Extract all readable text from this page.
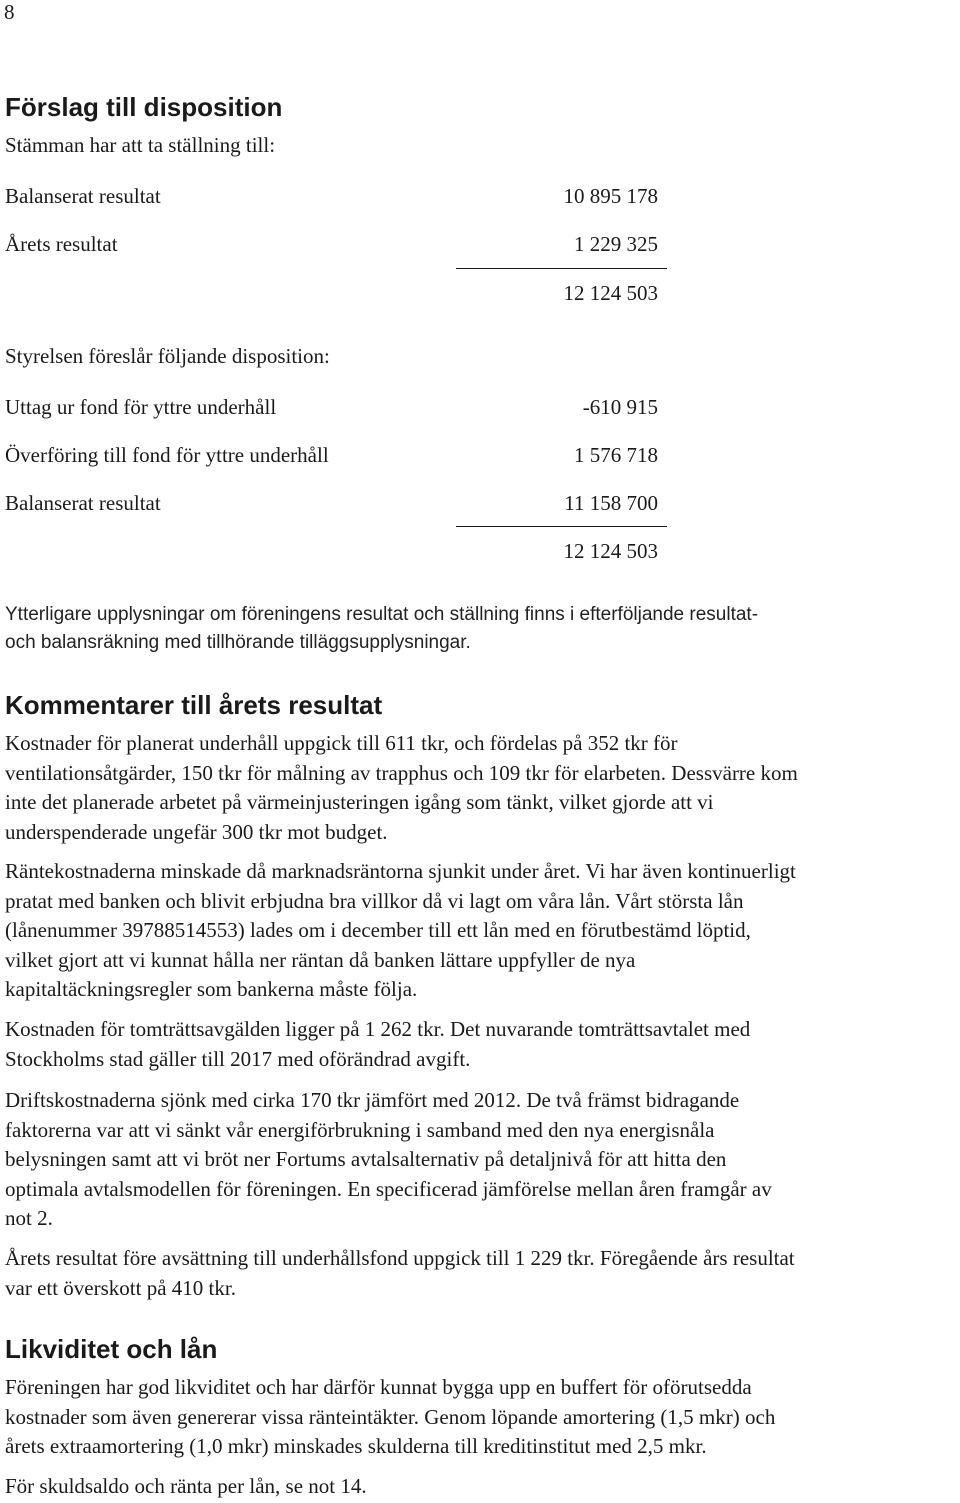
8
Förslag till disposition
Stämman har att ta ställning till:
Balanserat resultat	10 895 178
Årets resultat	1 229 325
12 124 503
Styrelsen föreslår följande disposition:
Uttag ur fond för yttre underhåll	-610 915
Överföring till fond för yttre underhåll	1 576 718
Balanserat resultat	11 158 700
12 124 503
Ytterligare upplysningar om föreningens resultat och ställning finns i efterföljande resultat-
och balansräkning med tillhörande tilläggsupplysningar.
Kommentarer till årets resultat
Kostnader för planerat underhåll uppgick till 611 tkr, och fördelas på 352 tkr för
ventilationsåtgärder, 150 tkr för målning av trapphus och 109 tkr för elarbeten. Dessvärre kom
inte det planerade arbetet på värmeinjusteringen igång som tänkt, vilket gjorde att vi
underspenderade ungefär 300 tkr mot budget.
Räntekostnaderna minskade då marknadsräntorna sjunkit under året. Vi har även kontinuerligt
pratat med banken och blivit erbjudna bra villkor då vi lagt om våra lån. Vårt största lån
(lånenummer 39788514553) lades om i december till ett lån med en förutbestämd löptid,
vilket gjort att vi kunnat hålla ner räntan då banken lättare uppfyller de nya
kapitaltäckningsregler som bankerna måste följa.
Kostnaden för tomträttsavgälden ligger på 1 262 tkr. Det nuvarande tomträttsavtalet med
Stockholms stad gäller till 2017 med oförändrad avgift.
Driftskostnaderna sjönk med cirka 170 tkr jämfört med 2012. De två främst bidragande
faktorerna var att vi sänkt vår energiförbrukning i samband med den nya energisnåla
belysningen samt att vi bröt ner Fortums avtalsalternativ på detaljnivå för att hitta den
optimala avtalsmodellen för föreningen. En specificerad jämförelse mellan åren framgår av
not 2.
Årets resultat före avsättning till underhållsfond uppgick till 1 229 tkr. Föregående års resultat
var ett överskott på 410 tkr.
Likviditet och lån
Föreningen har god likviditet och har därför kunnat bygga upp en buffert för oförutsedda
kostnader som även genererar vissa ränteintäkter. Genom löpande amortering (1,5 mkr) och
årets extraamortering (1,0 mkr) minskades skulderna till kreditinstitut med 2,5 mkr.
För skuldsaldo och ränta per lån, se not 14.
